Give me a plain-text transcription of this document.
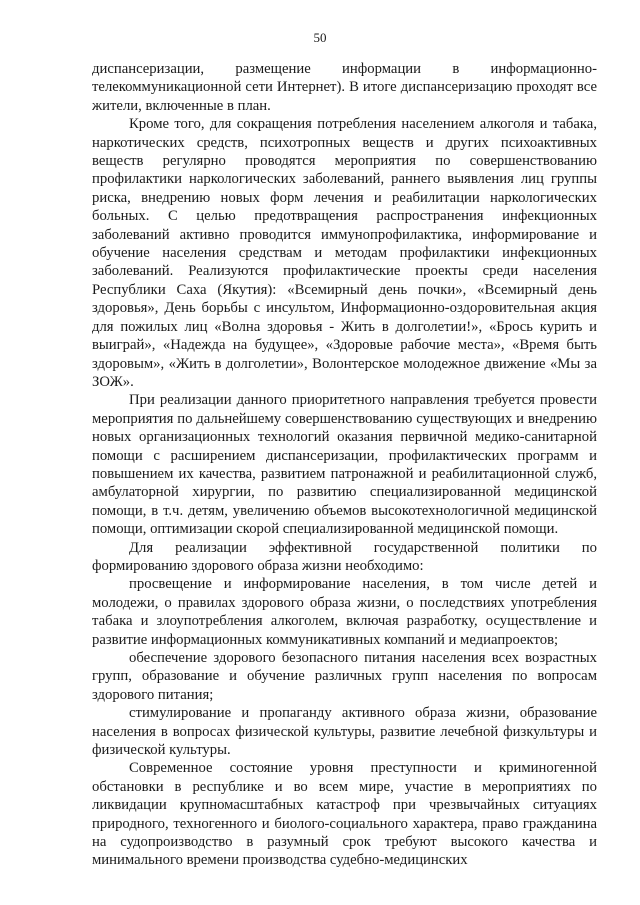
50

диспансеризации, размещение информации в информационно-телекоммуникационной сети Интернет). В итоге диспансеризацию проходят все жители, включенные в план.

Кроме того, для сокращения потребления населением алкоголя и табака, наркотических средств, психотропных веществ и других психоактивных веществ регулярно проводятся мероприятия по совершенствованию профилактики наркологических заболеваний, раннего выявления лиц группы риска, внедрению новых форм лечения и реабилитации наркологических больных. С целью предотвращения распространения инфекционных заболеваний активно проводится иммунопрофилактика, информирование и обучение населения средствам и методам профилактики инфекционных заболеваний. Реализуются профилактические проекты среди населения Республики Саха (Якутия): «Всемирный день почки», «Всемирный день здоровья», День борьбы с инсультом, Информационно-оздоровительная акция для пожилых лиц «Волна здоровья - Жить в долголетии!», «Брось курить и выиграй», «Надежда на будущее», «Здоровые рабочие места», «Время быть здоровым», «Жить в долголетии», Волонтерское молодежное движение «Мы за ЗОЖ».

При реализации данного приоритетного направления требуется провести мероприятия по дальнейшему совершенствованию существующих и внедрению новых организационных технологий оказания первичной медико-санитарной помощи с расширением диспансеризации, профилактических программ и повышением их качества, развитием патронажной и реабилитационной служб, амбулаторной хирургии, по развитию специализированной медицинской помощи, в т.ч. детям, увеличению объемов высокотехнологичной медицинской помощи, оптимизации скорой специализированной медицинской помощи.

Для реализации эффективной государственной политики по формированию здорового образа жизни необходимо:

просвещение и информирование населения, в том числе детей и молодежи, о правилах здорового образа жизни, о последствиях употребления табака и злоупотребления алкоголем, включая разработку, осуществление и развитие информационных коммуникативных компаний и медиапроектов;

обеспечение здорового безопасного питания населения всех возрастных групп, образование и обучение различных групп населения по вопросам здорового питания;

стимулирование и пропаганду активного образа жизни, образование населения в вопросах физической культуры, развитие лечебной физкультуры и физической культуры.

Современное состояние уровня преступности и криминогенной обстановки в республике и во всем мире, участие в мероприятиях по ликвидации крупномасштабных катастроф при чрезвычайных ситуациях природного, техногенного и биолого-социального характера, право гражданина на судопроизводство в разумный срок требуют высокого качества и минимального времени производства судебно-медицинских
